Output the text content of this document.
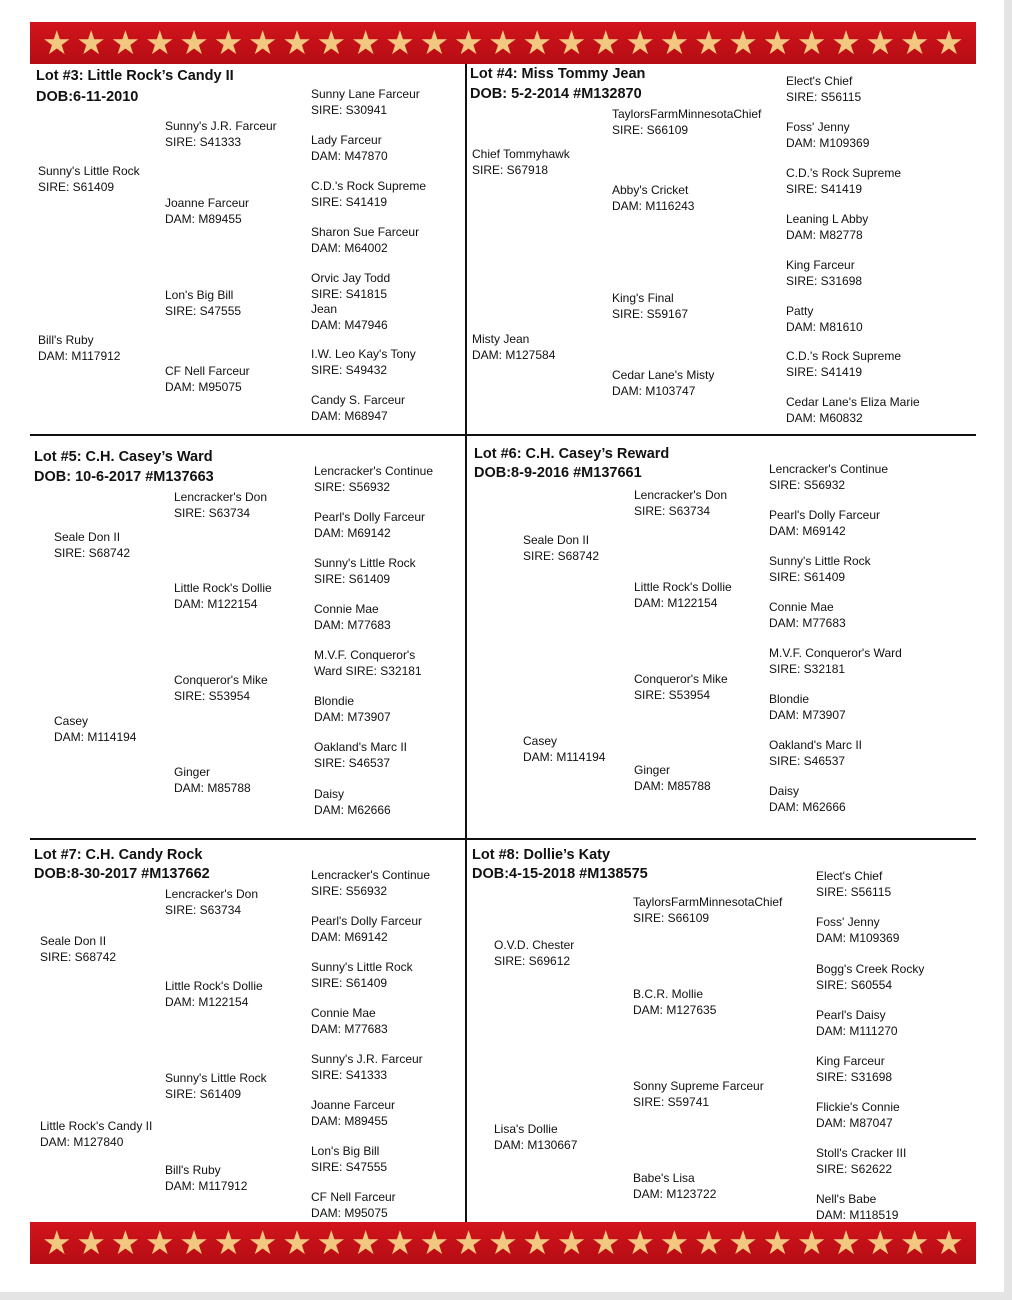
★ ★ ★ ★ ★ ★ ★ ★ ★ ★ ★ ★ ★ ★ ★ ★ ★ ★ ★ ★ ★ ★ ★ ★ ★ ★ ★
★ ★ ★ ★ ★ ★ ★ ★ ★ ★ ★ ★ ★ ★ ★ ★ ★ ★ ★ ★ ★ ★ ★ ★ ★ ★ ★
Lot #3: Little Rock’s Candy II
DOB:6-11-2010	Sunny Lane Farceur
SIRE: S30941
Sunny's J.R. Farceur
SIRE: S41333	Lady Farceur
DAM: M47870
Sunny's Little Rock
SIRE: S61409	C.D.'s Rock Supreme
SIRE: S41419
Joanne Farceur
DAM: M89455
Sharon Sue Farceur
DAM: M64002
Orvic Jay Todd
SIRE: S41815
Lon's Big Bill
SIRE: S47555	Jean
DAM: M47946
Bill's Ruby
DAM: M117912	I.W. Leo Kay's Tony
SIRE: S49432
CF Nell Farceur
DAM: M95075
Candy S. Farceur
DAM: M68947
Lot #4: Miss Tommy Jean
DOB: 5-2-2014 #M132870
Elect's Chief
SIRE: S56115
TaylorsFarmMinnesotaChief
SIRE: S66109	Foss' Jenny
DAM: M109369
Chief Tommyhawk
SIRE: S67918	C.D.'s Rock Supreme
SIRE: S41419
Abby's Cricket
DAM: M116243
Leaning L Abby
DAM: M82778
King Farceur
SIRE: S31698
King's Final
SIRE: S59167	Patty
DAM: M81610
Misty Jean
DAM: M127584	C.D.'s Rock Supreme
SIRE: S41419
Cedar Lane's Misty
DAM: M103747
Cedar Lane's Eliza Marie
DAM: M60832
Lot #5: C.H. Casey’s Ward
DOB: 10-6-2017 #M137663	Lencracker's Continue
SIRE: S56932
Lencracker's Don
SIRE: S63734	Pearl's Dolly Farceur
DAM: M69142
Seale Don II
SIRE: S68742
Sunny's Little Rock
SIRE: S61409
Little Rock's Dollie
DAM: M122154	Connie Mae
DAM: M77683
M.V.F. Conqueror's
Ward SIRE: S32181
Conqueror's Mike
SIRE: S53954	Blondie
DAM: M73907
Casey
DAM: M114194
Oakland's Marc II
SIRE: S46537
Ginger
DAM: M85788	Daisy
DAM: M62666
Lot #6: C.H. Casey’s Reward
DOB:8-9-2016 #M137661	Lencracker's Continue
SIRE: S56932
Lencracker's Don
SIRE: S63734	Pearl's Dolly Farceur
DAM: M69142
Seale Don II
SIRE: S68742	Sunny's Little Rock
SIRE: S61409
Little Rock's Dollie
DAM: M122154	Connie Mae
DAM: M77683
M.V.F. Conqueror's Ward
SIRE: S32181
Conqueror's Mike
SIRE: S53954	Blondie
DAM: M73907
Casey
DAM: M114194
Oakland's Marc II
SIRE: S46537
Ginger
DAM: M85788	Daisy
DAM: M62666
Lot #7: C.H. Candy Rock
DOB:8-30-2017 #M137662	Lencracker's Continue
SIRE: S56932
Lencracker's Don
SIRE: S63734
Pearl's Dolly Farceur
DAM: M69142
Seale Don II
SIRE: S68742
Sunny's Little Rock
SIRE: S61409
Little Rock's Dollie
DAM: M122154
Connie Mae
DAM: M77683
Sunny's J.R. Farceur
SIRE: S41333
Sunny's Little Rock
SIRE: S61409
Joanne Farceur
DAM: M89455
Little Rock's Candy II
DAM: M127840
Lon's Big Bill
SIRE: S47555
Bill's Ruby
DAM: M117912
CF Nell Farceur
DAM: M95075
Lot #8: Dollie’s Katy
DOB:4-15-2018 #M138575	Elect's Chief
SIRE: S56115
TaylorsFarmMinnesotaChief
SIRE: S66109	Foss' Jenny
DAM: M109369
O.V.D. Chester
SIRE: S69612
Bogg's Creek Rocky
SIRE: S60554
B.C.R. Mollie
DAM: M127635	Pearl's Daisy
DAM: M111270
King Farceur
SIRE: S31698
Sonny Supreme Farceur
SIRE: S59741	Flickie's Connie
DAM: M87047
Lisa's Dollie
DAM: M130667
Stoll's Cracker III
SIRE: S62622
Babe's Lisa
DAM: M123722	Nell's Babe
DAM: M118519
